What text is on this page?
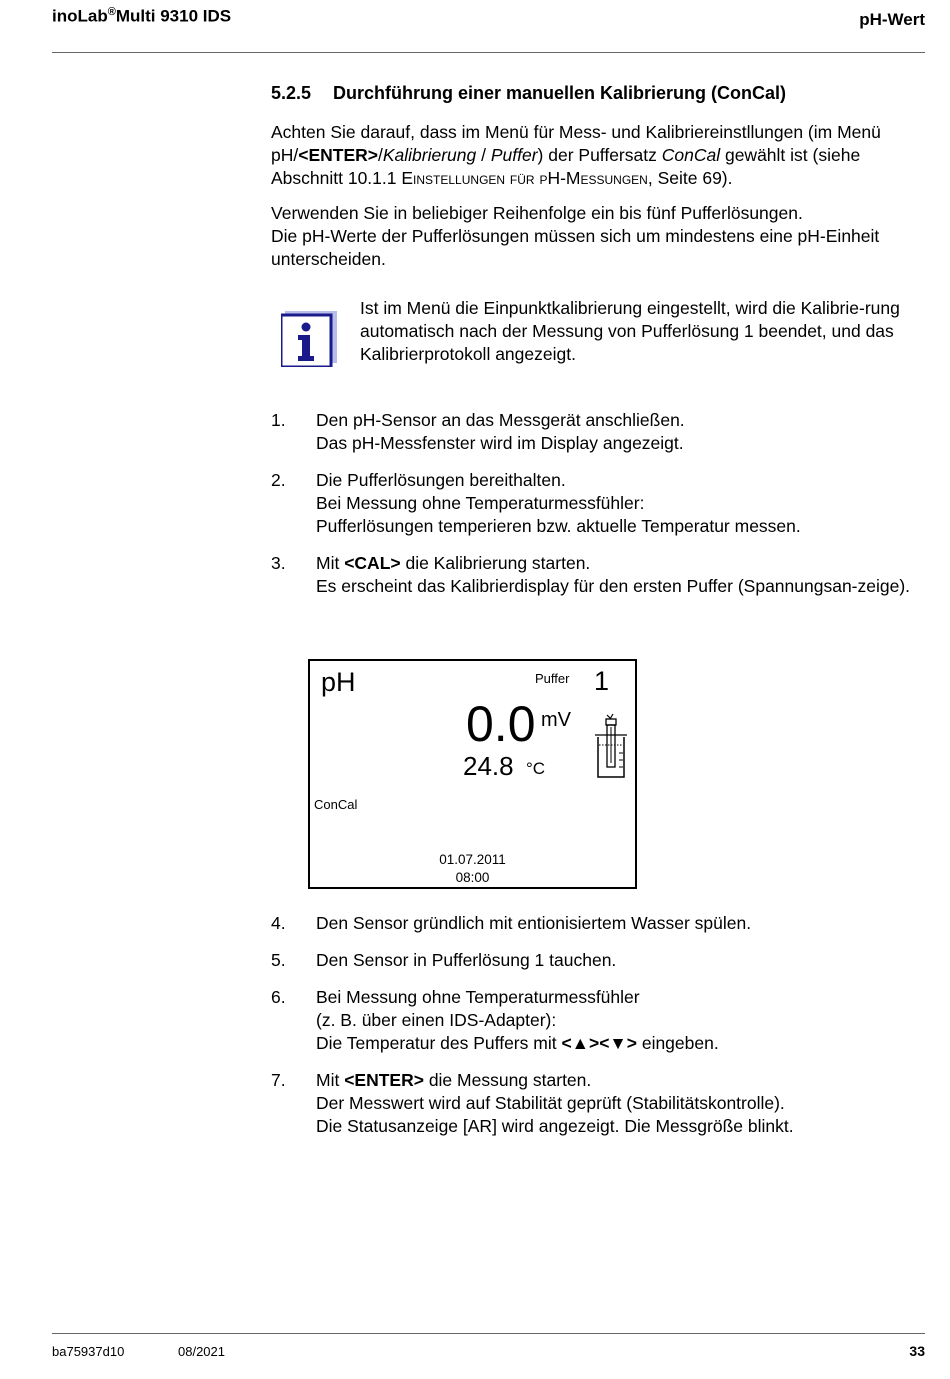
inoLab®Multi 9310 IDS	pH-Wert
5.2.5 Durchführung einer manuellen Kalibrierung (ConCal)
Achten Sie darauf, dass im Menü für Mess- und Kalibriereinstllungen (im Menü pH/<ENTER>/Kalibrierung / Puffer) der Puffersatz ConCal gewählt ist (siehe Abschnitt 10.1.1 Einstellungen für pH-Messungen, Seite 69).
Verwenden Sie in beliebiger Reihenfolge ein bis fünf Pufferlösungen.
Die pH-Werte der Pufferlösungen müssen sich um mindestens eine pH-Einheit unterscheiden.
Ist im Menü die Einpunktkalibrierung eingestellt, wird die Kalibrie-rung automatisch nach der Messung von Pufferlösung 1 beendet, und das Kalibrierprotokoll angezeigt.
1. Den pH-Sensor an das Messgerät anschließen.
Das pH-Messfenster wird im Display angezeigt.
2. Die Pufferlösungen bereithalten.
Bei Messung ohne Temperaturmessfühler:
Pufferlösungen temperieren bzw. aktuelle Temperatur messen.
3. Mit <CAL> die Kalibrierung starten.
Es erscheint das Kalibrierdisplay für den ersten Puffer (Spannungsan-zeige).
pH	Puffer 1
0.0 mV
24.8 °C
ConCal
01.07.2011
08:00
4. Den Sensor gründlich mit entionisiertem Wasser spülen.
5. Den Sensor in Pufferlösung 1 tauchen.
6. Bei Messung ohne Temperaturmessfühler
(z. B. über einen IDS-Adapter):
Die Temperatur des Puffers mit <▲><▼> eingeben.
7. Mit <ENTER> die Messung starten.
Der Messwert wird auf Stabilität geprüft (Stabilitätskontrolle).
Die Statusanzeige [AR] wird angezeigt. Die Messgröße blinkt.
ba75937d10	08/2021	33
